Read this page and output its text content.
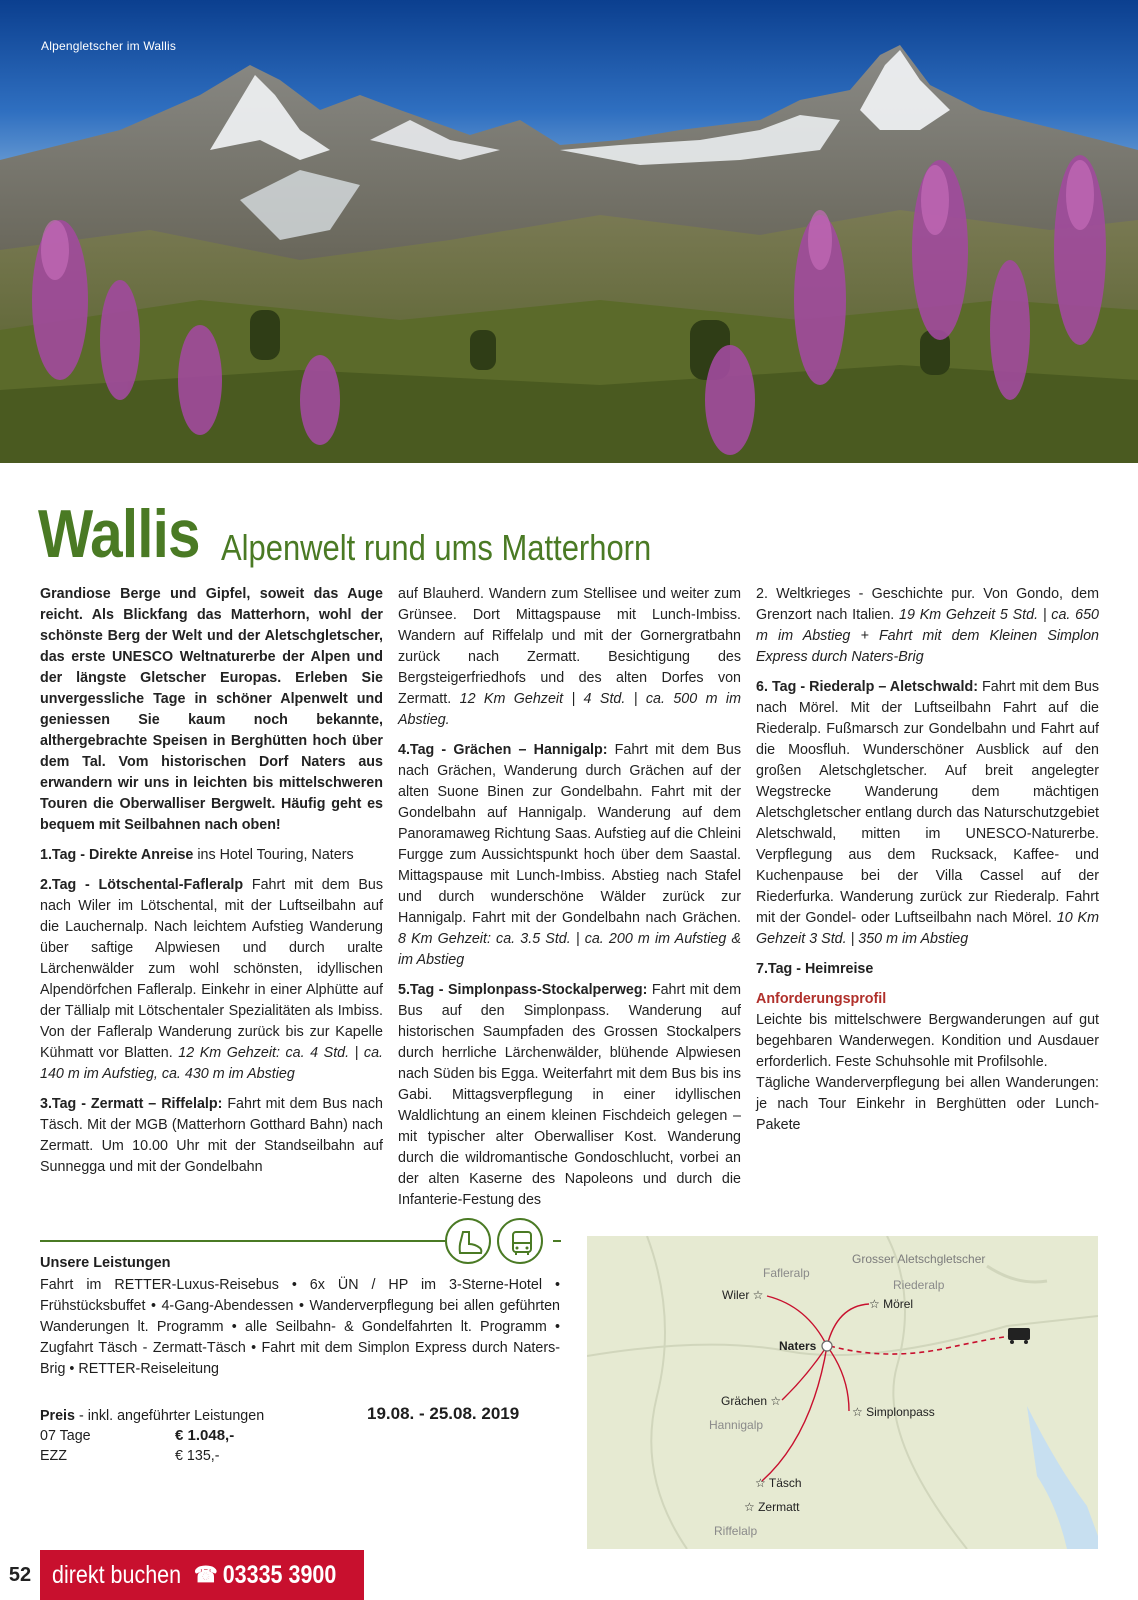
Alpengletscher im Wallis
Wallis Alpenwelt rund ums Matterhorn

Grandiose Berge und Gipfel, soweit das Auge reicht. Als Blickfang das Matterhorn, wohl der schönste Berg der Welt und der Aletschgletscher, das erste UNESCO Weltnaturerbe der Alpen und der längste Gletscher Europas. Erleben Sie unvergessliche Tage in schöner Alpenwelt und geniessen Sie kaum noch bekannte, althergebrachte Speisen in Berghütten hoch über dem Tal. Vom historischen Dorf Naters aus erwandern wir uns in leichten bis mittelschweren Touren die Oberwalliser Bergwelt. Häufig geht es bequem mit Seilbahnen nach oben!

1.Tag - Direkte Anreise ins Hotel Touring, Naters

2.Tag - Lötschental-Fafleralp Fahrt mit dem Bus nach Wiler im Lötschental, mit der Luftseilbahn auf die Lauchernalp. Nach leichtem Aufstieg Wanderung über saftige Alpwiesen und durch uralte Lärchenwälder zum wohl schönsten, idyllischen Alpendörfchen Fafleralp. Einkehr in einer Alphütte auf der Tällialp mit Lötschentaler Spezialitäten als Imbiss. Von der Fafleralp Wanderung zurück bis zur Kapelle Kühmatt vor Blatten. 12 Km Gehzeit: ca. 4 Std. | ca. 140 m im Aufstieg, ca. 430 m im Abstieg

3.Tag - Zermatt – Riffelalp: Fahrt mit dem Bus nach Täsch. Mit der MGB (Matterhorn Gotthard Bahn) nach Zermatt. Um 10.00 Uhr mit der Standseilbahn auf Sunnegga und mit der Gondelbahn

auf Blauherd. Wandern zum Stellisee und weiter zum Grünsee. Dort Mittagspause mit Lunch-Imbiss. Wandern auf Riffelalp und mit der Gornergratbahn zurück nach Zermatt. Besichtigung des Bergsteigerfriedhofs und des alten Dorfes von Zermatt. 12 Km Gehzeit | 4 Std. | ca. 500 m im Abstieg.

4.Tag - Grächen – Hannigalp: Fahrt mit dem Bus nach Grächen, Wanderung durch Grächen auf der alten Suone Binen zur Gondelbahn. Fahrt mit der Gondelbahn auf Hannigalp. Wanderung auf dem Panoramaweg Richtung Saas. Aufstieg auf die Chleini Furgge zum Aussichtspunkt hoch über dem Saastal. Mittagspause mit Lunch-Imbiss. Abstieg nach Stafel und durch wunderschöne Wälder zurück zur Hannigalp. Fahrt mit der Gondelbahn nach Grächen. 8 Km Gehzeit: ca. 3.5 Std. | ca. 200 m im Aufstieg & im Abstieg

5.Tag - Simplonpass-Stockalperweg: Fahrt mit dem Bus auf den Simplonpass. Wanderung auf historischen Saumpfaden des Grossen Stockalpers durch herrliche Lärchenwälder, blühende Alpwiesen nach Süden bis Egga. Weiterfahrt mit dem Bus bis ins Gabi. Mittagsverpflegung in einer idyllischen Waldlichtung an einem kleinen Fischdeich gelegen – mit typischer alter Oberwalliser Kost. Wanderung durch die wildromantische Gondoschlucht, vorbei an der alten Kaserne des Napoleons und durch die Infanterie-Festung des

2. Weltkrieges - Geschichte pur. Von Gondo, dem Grenzort nach Italien. 19 Km Gehzeit 5 Std. | ca. 650 m im Abstieg + Fahrt mit dem Kleinen Simplon Express durch Naters-Brig

6. Tag - Riederalp – Aletschwald: Fahrt mit dem Bus nach Mörel. Mit der Luftseilbahn Fahrt auf die Riederalp. Fußmarsch zur Gondelbahn und Fahrt auf die Moosfluh. Wunderschöner Ausblick auf den großen Aletschgletscher. Auf breit angelegter Wegstrecke Wanderung dem mächtigen Aletschgletscher entlang durch das Naturschutzgebiet Aletschwald, mitten im UNESCO-Naturerbe. Verpflegung aus dem Rucksack, Kaffee- und Kuchenpause bei der Villa Cassel auf der Riederfurka. Wanderung zurück zur Riederalp. Fahrt mit der Gondel- oder Luftseilbahn nach Mörel. 10 Km Gehzeit 3 Std. | 350 m im Abstieg

7.Tag - Heimreise

Anforderungsprofil

Leichte bis mittelschwere Bergwanderungen auf gut begehbaren Wanderwegen. Kondition und Ausdauer erforderlich. Feste Schuhsohle mit Profilsohle.

Tägliche Wanderverpflegung bei allen Wanderungen: je nach Tour Einkehr in Berghütten oder Lunch-Pakete

Unsere Leistungen
Fahrt im RETTER-Luxus-Reisebus • 6x ÜN / HP im 3-Sterne-Hotel • Frühstücksbuffet • 4-Gang-Abendessen • Wanderverpflegung bei allen geführten Wanderungen lt. Programm • alle Seilbahn- & Gondelfahrten lt. Programm • Zugfahrt Täsch - Zermatt-Täsch • Fahrt mit dem Simplon Express durch Naters-Brig • RETTER-Reiseleitung
Preis - inkl. angeführter Leistungen
07 Tage	€ 1.048,-
EZZ	€ 135,-
19.08. - 25.08. 2019
Grosser Aletschgletscher
Fafleralp
Riederalp
Wiler ☆
☆ Mörel
Naters
Grächen ☆
Hannigalp
☆ Simplonpass
☆ Täsch
☆ Zermatt
Riffelalp
52 direkt buchen ☎ 03335 3900
